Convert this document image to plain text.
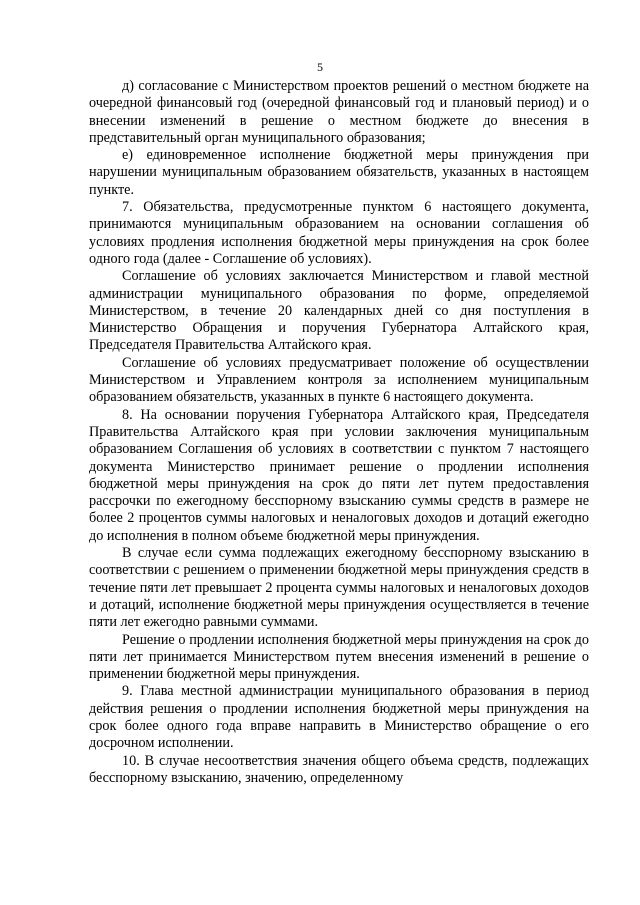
5

д) согласование с Министерством проектов решений о местном бюджете на очередной финансовый год (очередной финансовый год и плановый период) и о внесении изменений в решение о местном бюджете до внесения в представительный орган муниципального образования;

е) единовременное исполнение бюджетной меры принуждения при нарушении муниципальным образованием обязательств, указанных в настоящем пункте.

7. Обязательства, предусмотренные пунктом 6 настоящего документа, принимаются муниципальным образованием на основании соглашения об условиях продления исполнения бюджетной меры принуждения на срок более одного года (далее - Соглашение об условиях).

Соглашение об условиях заключается Министерством и главой местной администрации муниципального образования по форме, определяемой Министерством, в течение 20 календарных дней со дня поступления в Министерство Обращения и поручения Губернатора Алтайского края, Председателя Правительства Алтайского края.

Соглашение об условиях предусматривает положение об осуществлении Министерством и Управлением контроля за исполнением муниципальным образованием обязательств, указанных в пункте 6 настоящего документа.

8. На основании поручения Губернатора Алтайского края, Председателя Правительства Алтайского края при условии заключения муниципальным образованием Соглашения об условиях в соответствии с пунктом 7 настоящего документа Министерство принимает решение о продлении исполнения бюджетной меры принуждения на срок до пяти лет путем предоставления рассрочки по ежегодному бесспорному взысканию суммы средств в размере не более 2 процентов суммы налоговых и неналоговых доходов и дотаций ежегодно до исполнения в полном объеме бюджетной меры принуждения.

В случае если сумма подлежащих ежегодному бесспорному взысканию в соответствии с решением о применении бюджетной меры принуждения средств в течение пяти лет превышает 2 процента суммы налоговых и неналоговых доходов и дотаций, исполнение бюджетной меры принуждения осуществляется в течение пяти лет ежегодно равными суммами.

Решение о продлении исполнения бюджетной меры принуждения на срок до пяти лет принимается Министерством путем внесения изменений в решение о применении бюджетной меры принуждения.

9. Глава местной администрации муниципального образования в период действия решения о продлении исполнения бюджетной меры принуждения на срок более одного года вправе направить в Министерство обращение о его досрочном исполнении.

10. В случае несоответствия значения общего объема средств, подлежащих бесспорному взысканию, значению, определенному
